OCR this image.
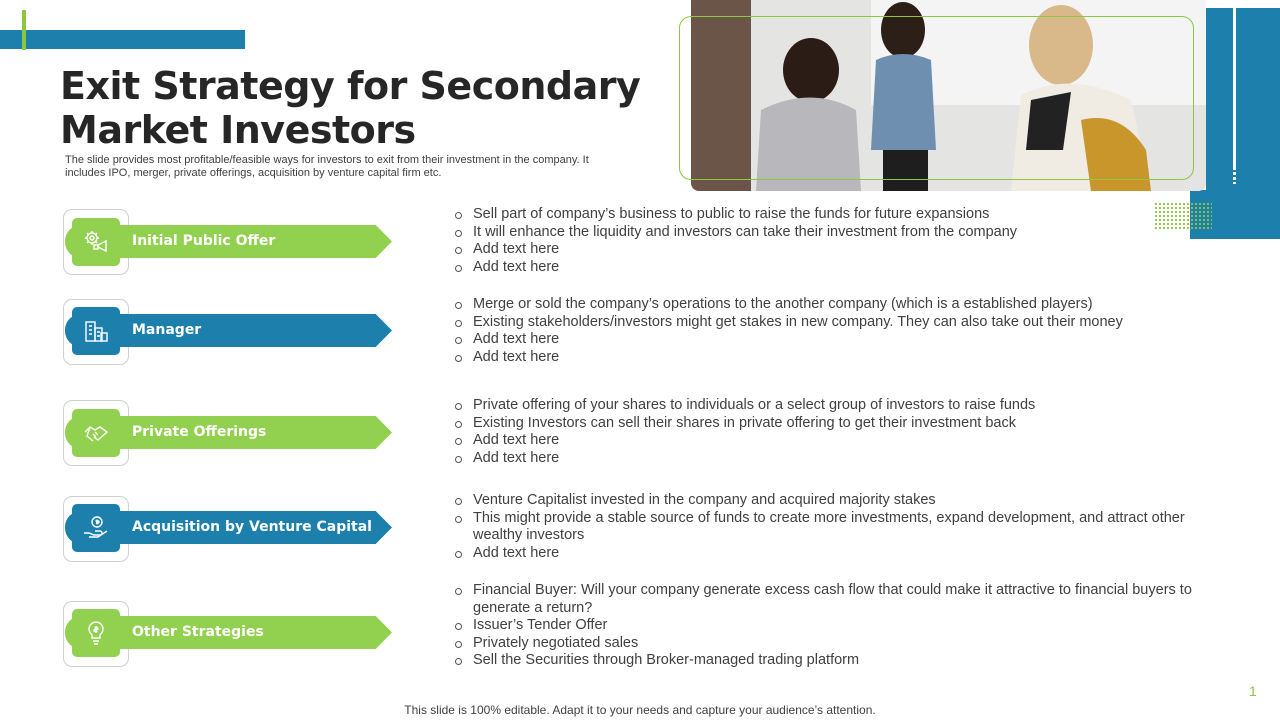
Exit Strategy for Secondary Market Investors

The slide provides most profitable/feasible ways for investors to exit from their investment in the company. It includes IPO, merger, private offerings, acquisition by venture capital firm etc.

Initial Public Offer
Sell part of company’s business to public to raise the funds for future expansions
It will enhance the liquidity and investors can take their investment from the company
Add text here
Add text here
Manager
Merge or sold the company’s operations to the another company (which is a established players)
Existing stakeholders/investors might get stakes in new company. They can also take out their money
Add text here
Add text here
Private Offerings
Private offering of your shares to individuals or a select group of investors to raise funds
Existing Investors can sell their shares in private offering to get their investment back
Add text here
Add text here
Acquisition by Venture Capital
Venture Capitalist invested in the company and acquired majority stakes
This might provide a stable source of funds to create more investments, expand development, and attract other wealthy investors
Add text here
Other Strategies
Financial Buyer: Will your company generate excess cash flow that could make it attractive to financial buyers to generate a return?
Issuer’s Tender Offer
Privately negotiated sales
Sell the Securities through Broker-managed trading platform
This slide is 100% editable. Adapt it to your needs and capture your audience’s attention.
1
